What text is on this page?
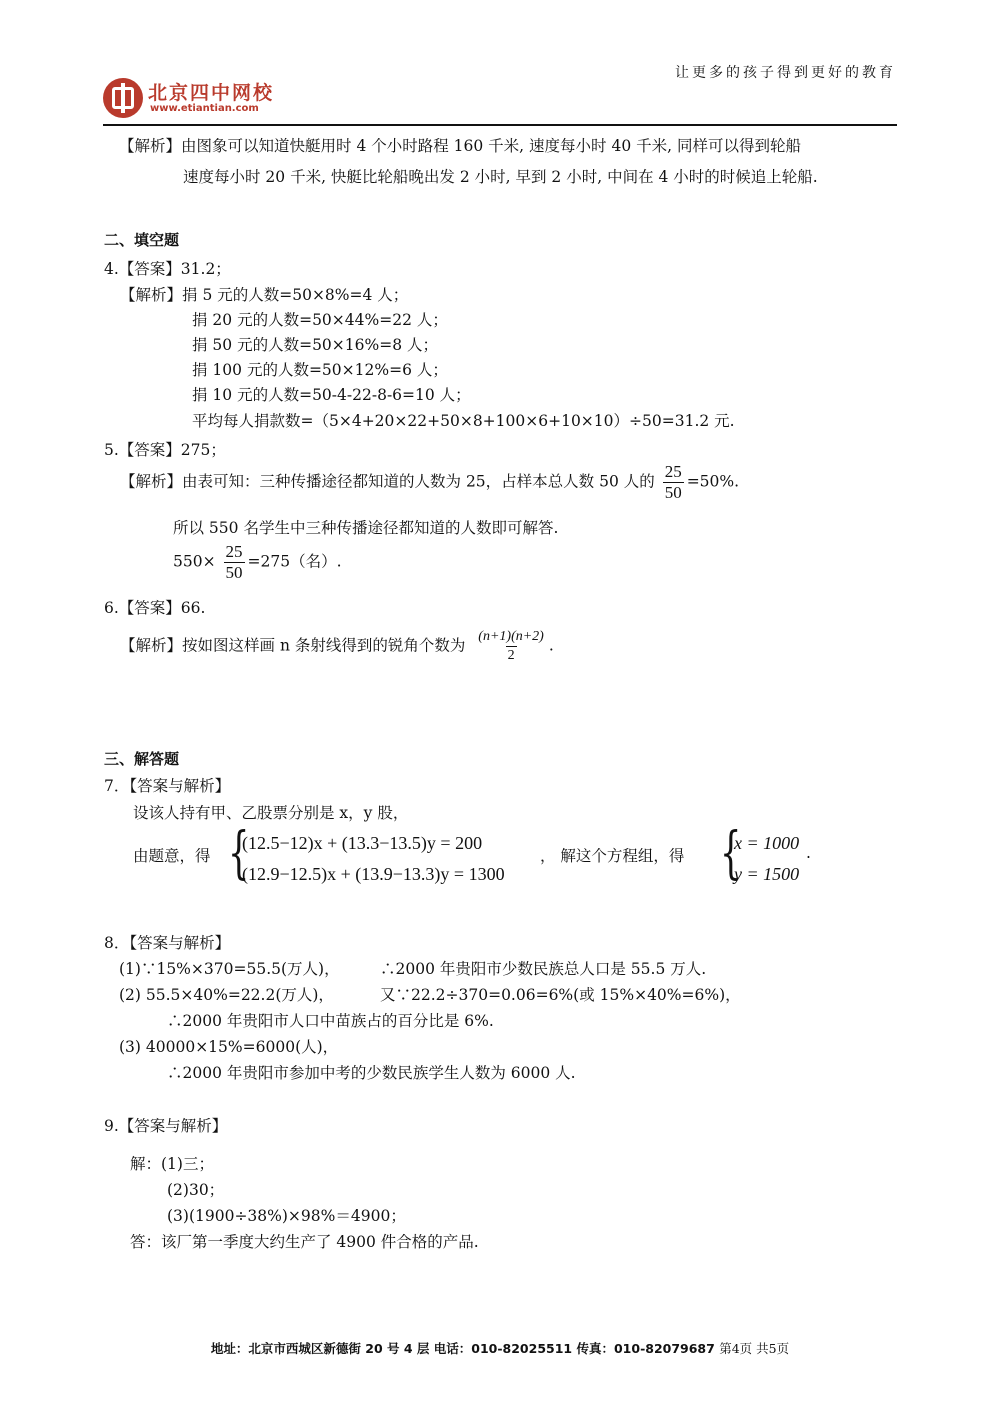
北京四中网校
www.etiantian.com
让更多的孩子得到更好的教育
【解析】由图象可以知道快艇用时 4 个小时路程 160 千米, 速度每小时 40 千米, 同样可以得到轮船
速度每小时 20 千米, 快艇比轮船晚出发 2 小时, 早到 2 小时, 中间在 4 小时的时候追上轮船.
二、填空题
4.【答案】31.2；
【解析】捐 5 元的人数=50×8%=4 人；
捐 20 元的人数=50×44%=22 人；
捐 50 元的人数=50×16%=8 人；
捐 100 元的人数=50×12%=6 人；
捐 10 元的人数=50-4-22-8-6=10 人；
平均每人捐款数=（5×4+20×22+50×8+100×6+10×10）÷50=31.2 元.
5.【答案】275；
【解析】由表可知：三种传播途径都知道的人数为 25，占样本总人数 50 人的 $\frac{25}{50} =50\%$.
所以 550 名学生中三种传播途径都知道的人数即可解答.
$550\times \frac{25}{50} =275$（名）.
6.【答案】66.
【解析】按如图这样画 n 条射线得到的锐角个数为 $\frac{(n+1)(n+2)}{2}$ .
三、解答题
7．【答案与解析】
设该人持有甲、乙股票分别是 x，y 股，
由题意，得 {
(12.5−12)x + (13.3−13.5)y = 200
(12.9−12.5)x + (13.9−13.3)y = 1300
， 解这个方程组，得 {
x = 1000
y = 1500
.
8．【答案与解析】
(1)∵15%×370=55.5(万人)，	∴2000 年贵阳市少数民族总人口是 55.5 万人.
(2) 55.5×40%=22.2(万人)，	又∵22.2÷370=0.06=6%(或 15%×40%=6%)，
∴2000 年贵阳市人口中苗族占的百分比是 6%.
(3) 40000×15%=6000(人)，
∴2000 年贵阳市参加中考的少数民族学生人数为 6000 人.
9.【答案与解析】
解：(1)三；
(2)30；
(3)(1900÷38%)×98%＝4900；
答：该厂第一季度大约生产了 4900 件合格的产品.
地址：北京市西城区新德街 20 号 4 层 电话：010-82025511 传真：010-82079687 第4页 共5页
